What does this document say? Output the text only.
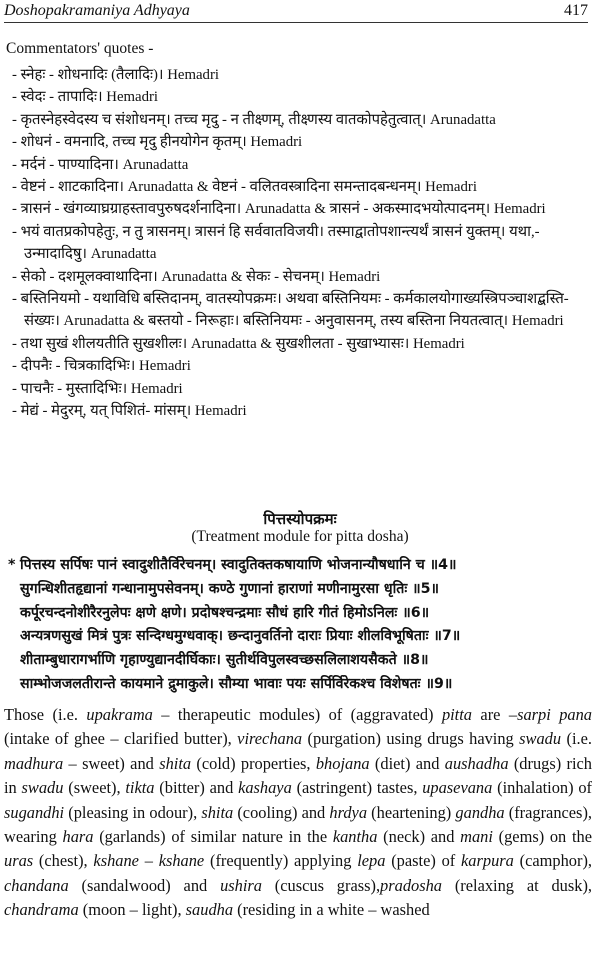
Doshopakramaniya Adhyaya	417
Commentators' quotes -
- स्नेहः - शोधनादिः (तैलादिः)। Hemadri
- स्वेदः - तापादिः। Hemadri
- कृतस्नेहस्वेदस्य च संशोधनम्। तच्च मृदु - न तीक्ष्णम्, तीक्ष्णस्य वातकोपहेतुत्वात्। Arunadatta
- शोधनं - वमनादि, तच्च मृदु हीनयोगेन कृतम्। Hemadri
- मर्दनं - पाण्यादिना। Arunadatta
- वेष्टनं - शाटकादिना। Arunadatta & वेष्टनं - वलितवस्त्रादिना समन्तादबन्धनम्। Hemadri
- त्रासनं - खंगव्याघ्रग्राहस्तावपुरुषदर्शनादिना। Arunadatta & त्रासनं - अकस्मादभयोत्पादनम्। Hemadri
- भयं वातप्रकोपहेतुः, न तु त्रासनम्। त्रासनं हि सर्ववातविजयी। तस्माद्वातोपशान्त्यर्थं त्रासनं युक्तम्। यथा,- उन्मादादिषु। Arunadatta
- सेको - दशमूलक्वाथादिना। Arunadatta & सेकः - सेचनम्। Hemadri
- बस्तिनियमो - यथाविधि बस्तिदानम्, वातस्योपक्रमः। अथवा बस्तिनियमः - कर्मकालयोगाख्यस्त्रिपञ्चाशद्बस्ति- संख्यः। Arunadatta & बस्तयो - निरूहाः। बस्तिनियमः - अनुवासनम्, तस्य बस्तिना नियतत्वात्। Hemadri
- तथा सुखं शीलयतीति सुखशीलः। Arunadatta & सुखशीलता - सुखाभ्यासः। Hemadri
- दीपनैः - चित्रकादिभिः। Hemadri
- पाचनैः - मुस्तादिभिः। Hemadri
- मेद्यं - मेदुरम्, यत् पिशितं- मांसम्। Hemadri
पित्तस्योपक्रमः
(Treatment module for pitta dosha)
* पित्तस्य सर्पिषः पानं स्वादुशीतैर्विरेचनम्। स्वादुतिक्तकषायाणि भोजनान्यौषधानि च ॥4॥
सुगन्धिशीतहृद्यानां गन्धानामुपसेवनम्। कण्ठे गुणानां हाराणां मणीनामुरसा धृतिः ॥5॥
कर्पूरचन्दनोशीरैरनुलेपः क्षणे क्षणे। प्रदोषश्चन्द्रमाः सौधं हारि गीतं हिमोऽनिलः ॥6॥
अन्यत्रणसुखं मित्रं पुत्रः सन्दिग्धमुग्धवाक्। छन्दानुवर्तिनो दाराः प्रियाः शीलविभूषिताः ॥7॥
शीताम्बुधारागर्भाणि गृहाण्युद्यानदीर्घिकाः। सुतीर्थविपुलस्वच्छसलिलाशयसैकते ॥8॥
साम्भोजजलतीरान्ते कायमाने द्रुमाकुले। सौम्या भावाः पयः सर्पिर्विरेकश्च विशेषतः ॥9॥
Those (i.e. upakrama – therapeutic modules) of (aggravated) pitta are –sarpi pana (intake of ghee – clarified butter), virechana (purgation) using drugs having swadu (i.e. madhura – sweet) and shita (cold) properties, bhojana (diet) and aushadha (drugs) rich in swadu (sweet), tikta (bitter) and kashaya (astringent) tastes, upasevana (inhalation) of sugandhi (pleasing in odour), shita (cooling) and hrdya (heartening) gandha (fragrances), wearing hara (garlands) of similar nature in the kantha (neck) and mani (gems) on the uras (chest), kshane – kshane (frequently) applying lepa (paste) of karpura (camphor), chandana (sandalwood) and ushira (cuscus grass),pradosha (relaxing at dusk), chandrama (moon – light), saudha (residing in a white – washed
